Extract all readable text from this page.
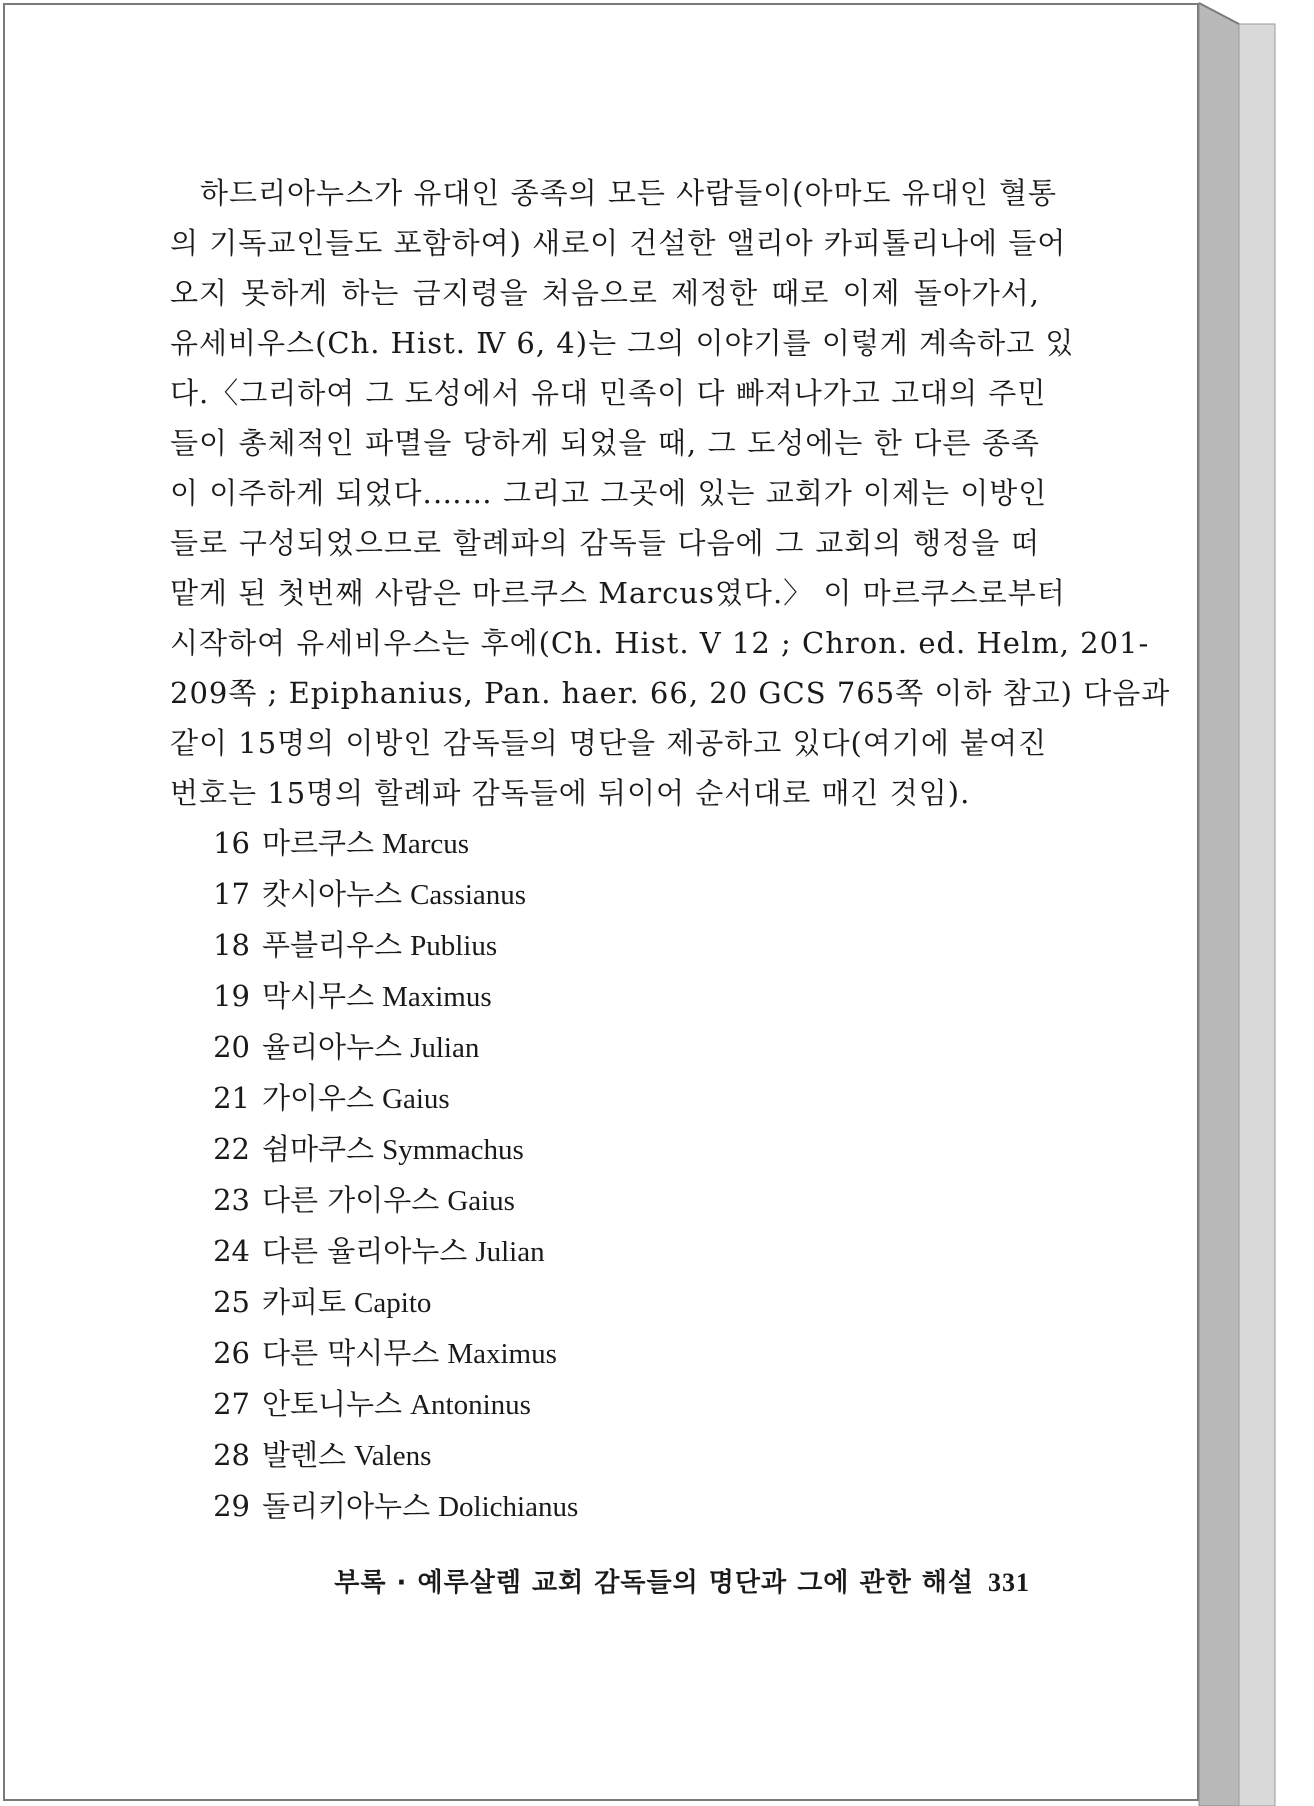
하드리아누스가 유대인 종족의 모든 사람들이(아마도 유대인 혈통

의 기독교인들도 포함하여) 새로이 건설한 앨리아 카피톨리나에 들어

오지 못하게 하는 금지령을 처음으로 제정한 때로 이제 돌아가서,

유세비우스(Ch. Hist. Ⅳ 6, 4)는 그의 이야기를 이렇게 계속하고 있

다.〈그리하여 그 도성에서 유대 민족이 다 빠져나가고 고대의 주민

들이 총체적인 파멸을 당하게 되었을 때, 그 도성에는 한 다른 종족

이 이주하게 되었다.…… 그리고 그곳에 있는 교회가 이제는 이방인

들로 구성되었으므로 할례파의 감독들 다음에 그 교회의 행정을 떠

맡게 된 첫번째 사람은 마르쿠스 Marcus였다.〉 이 마르쿠스로부터

시작하여 유세비우스는 후에(Ch. Hist. Ⅴ 12 ; Chron. ed. Helm, 201-

209쪽 ; Epiphanius, Pan. haer. 66, 20 GCS 765쪽 이하 참고) 다음과

같이 15명의 이방인 감독들의 명단을 제공하고 있다(여기에 붙여진

번호는 15명의 할례파 감독들에 뒤이어 순서대로 매긴 것임).

16 마르쿠스 Marcus
17 캇시아누스 Cassianus
18 푸블리우스 Publius
19 막시무스 Maximus
20 율리아누스 Julian
21 가이우스 Gaius
22 쉼마쿠스 Symmachus
23 다른 가이우스 Gaius
24 다른 율리아누스 Julian
25 카피토 Capito
26 다른 막시무스 Maximus
27 안토니누스 Antoninus
28 발렌스 Valens
29 돌리키아누스 Dolichianus
부록 · 예루살렘 교회 감독들의 명단과 그에 관한 해설 331
